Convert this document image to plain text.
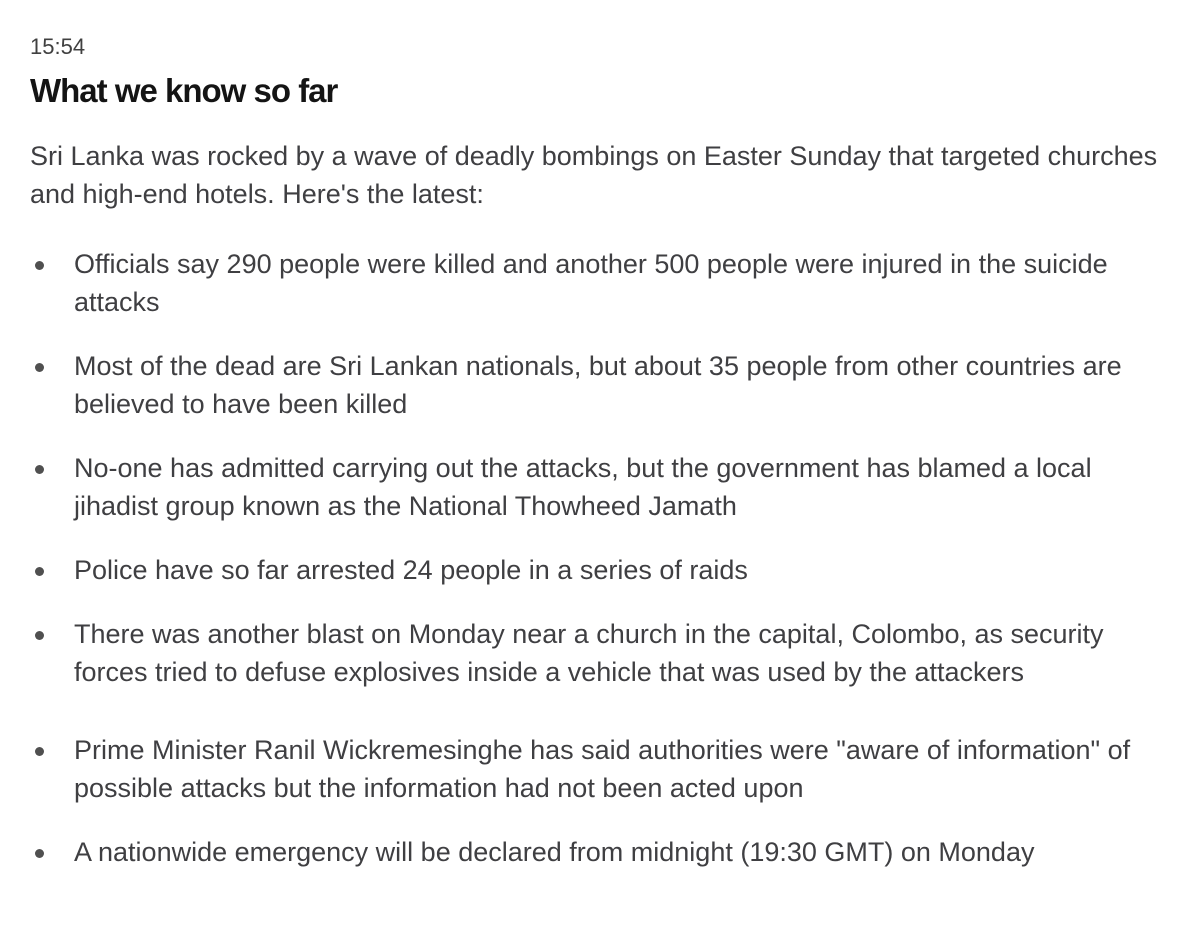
15:54

What we know so far

Sri Lanka was rocked by a wave of deadly bombings on Easter Sunday that targeted churches and high-end hotels. Here's the latest:

Officials say 290 people were killed and another 500 people were injured in the suicide attacks
Most of the dead are Sri Lankan nationals, but about 35 people from other countries are believed to have been killed
No-one has admitted carrying out the attacks, but the government has blamed a local jihadist group known as the National Thowheed Jamath
Police have so far arrested 24 people in a series of raids
There was another blast on Monday near a church in the capital, Colombo, as security forces tried to defuse explosives inside a vehicle that was used by the attackers
Prime Minister Ranil Wickremesinghe has said authorities were "aware of information" of possible attacks but the information had not been acted upon
A nationwide emergency will be declared from midnight (19:30 GMT) on Monday
